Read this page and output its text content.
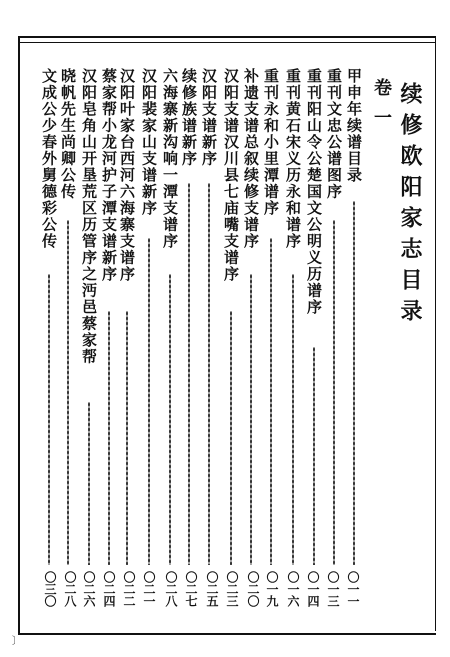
续修欧阳家志目录
卷一
甲申年续谱目录
〇一一
重刊文忠公谱图序
〇一三
重刊阳山令公楚国文公明义历谱序
〇一四
重刊黄石宋义历永和谱序
〇一六
重刊永和小里潭谱序
〇一九
补遗支谱总叙续修支谱序
〇二〇
汉阳支谱汉川县七庙嘴支谱序
〇二三
汉阳支谱新序
〇二五
续修族谱新序
〇二七
六海寨新沟响一潭支谱序
〇二八
汉阳裴家山支谱新序
〇二一
汉阳叶家台西河六海寨支谱序
〇二二
蔡家帮小龙河护子潭支谱新序
〇二四
汉阳皂角山开垦荒区历管序之沔邑蔡家帮
〇二六
晓帆先生尚卿公传
〇二八
文成公少春外舅德彩公传
〇三〇
〕
